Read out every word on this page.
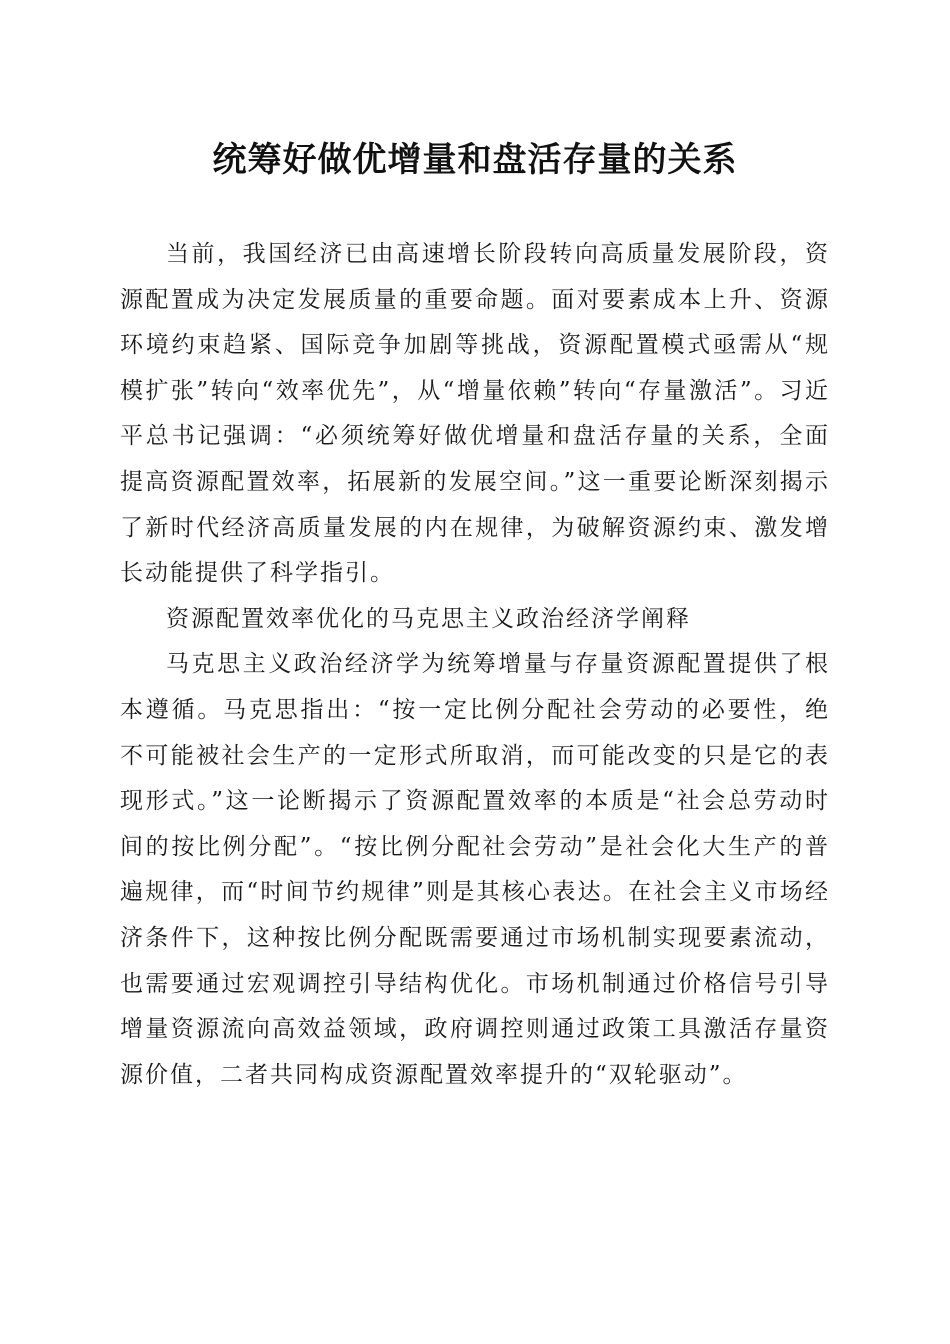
统筹好做优增量和盘活存量的关系

当前，我国经济已由高速增长阶段转向高质量发展阶段，资源配置成为决定发展质量的重要命题。面对要素成本上升、资源环境约束趋紧、国际竞争加剧等挑战，资源配置模式亟需从“规模扩张”转向“效率优先”，从“增量依赖”转向“存量激活”。习近平总书记强调：“必须统筹好做优增量和盘活存量的关系，全面提高资源配置效率，拓展新的发展空间。”这一重要论断深刻揭示了新时代经济高质量发展的内在规律，为破解资源约束、激发增长动能提供了科学指引。

资源配置效率优化的马克思主义政治经济学阐释

马克思主义政治经济学为统筹增量与存量资源配置提供了根本遵循。马克思指出：“按一定比例分配社会劳动的必要性，绝不可能被社会生产的一定形式所取消，而可能改变的只是它的表现形式。”这一论断揭示了资源配置效率的本质是“社会总劳动时间的按比例分配”。“按比例分配社会劳动”是社会化大生产的普遍规律，而“时间节约规律”则是其核心表达。在社会主义市场经济条件下，这种按比例分配既需要通过市场机制实现要素流动，也需要通过宏观调控引导结构优化。市场机制通过价格信号引导增量资源流向高效益领域，政府调控则通过政策工具激活存量资源价值，二者共同构成资源配置效率提升的“双轮驱动”。
